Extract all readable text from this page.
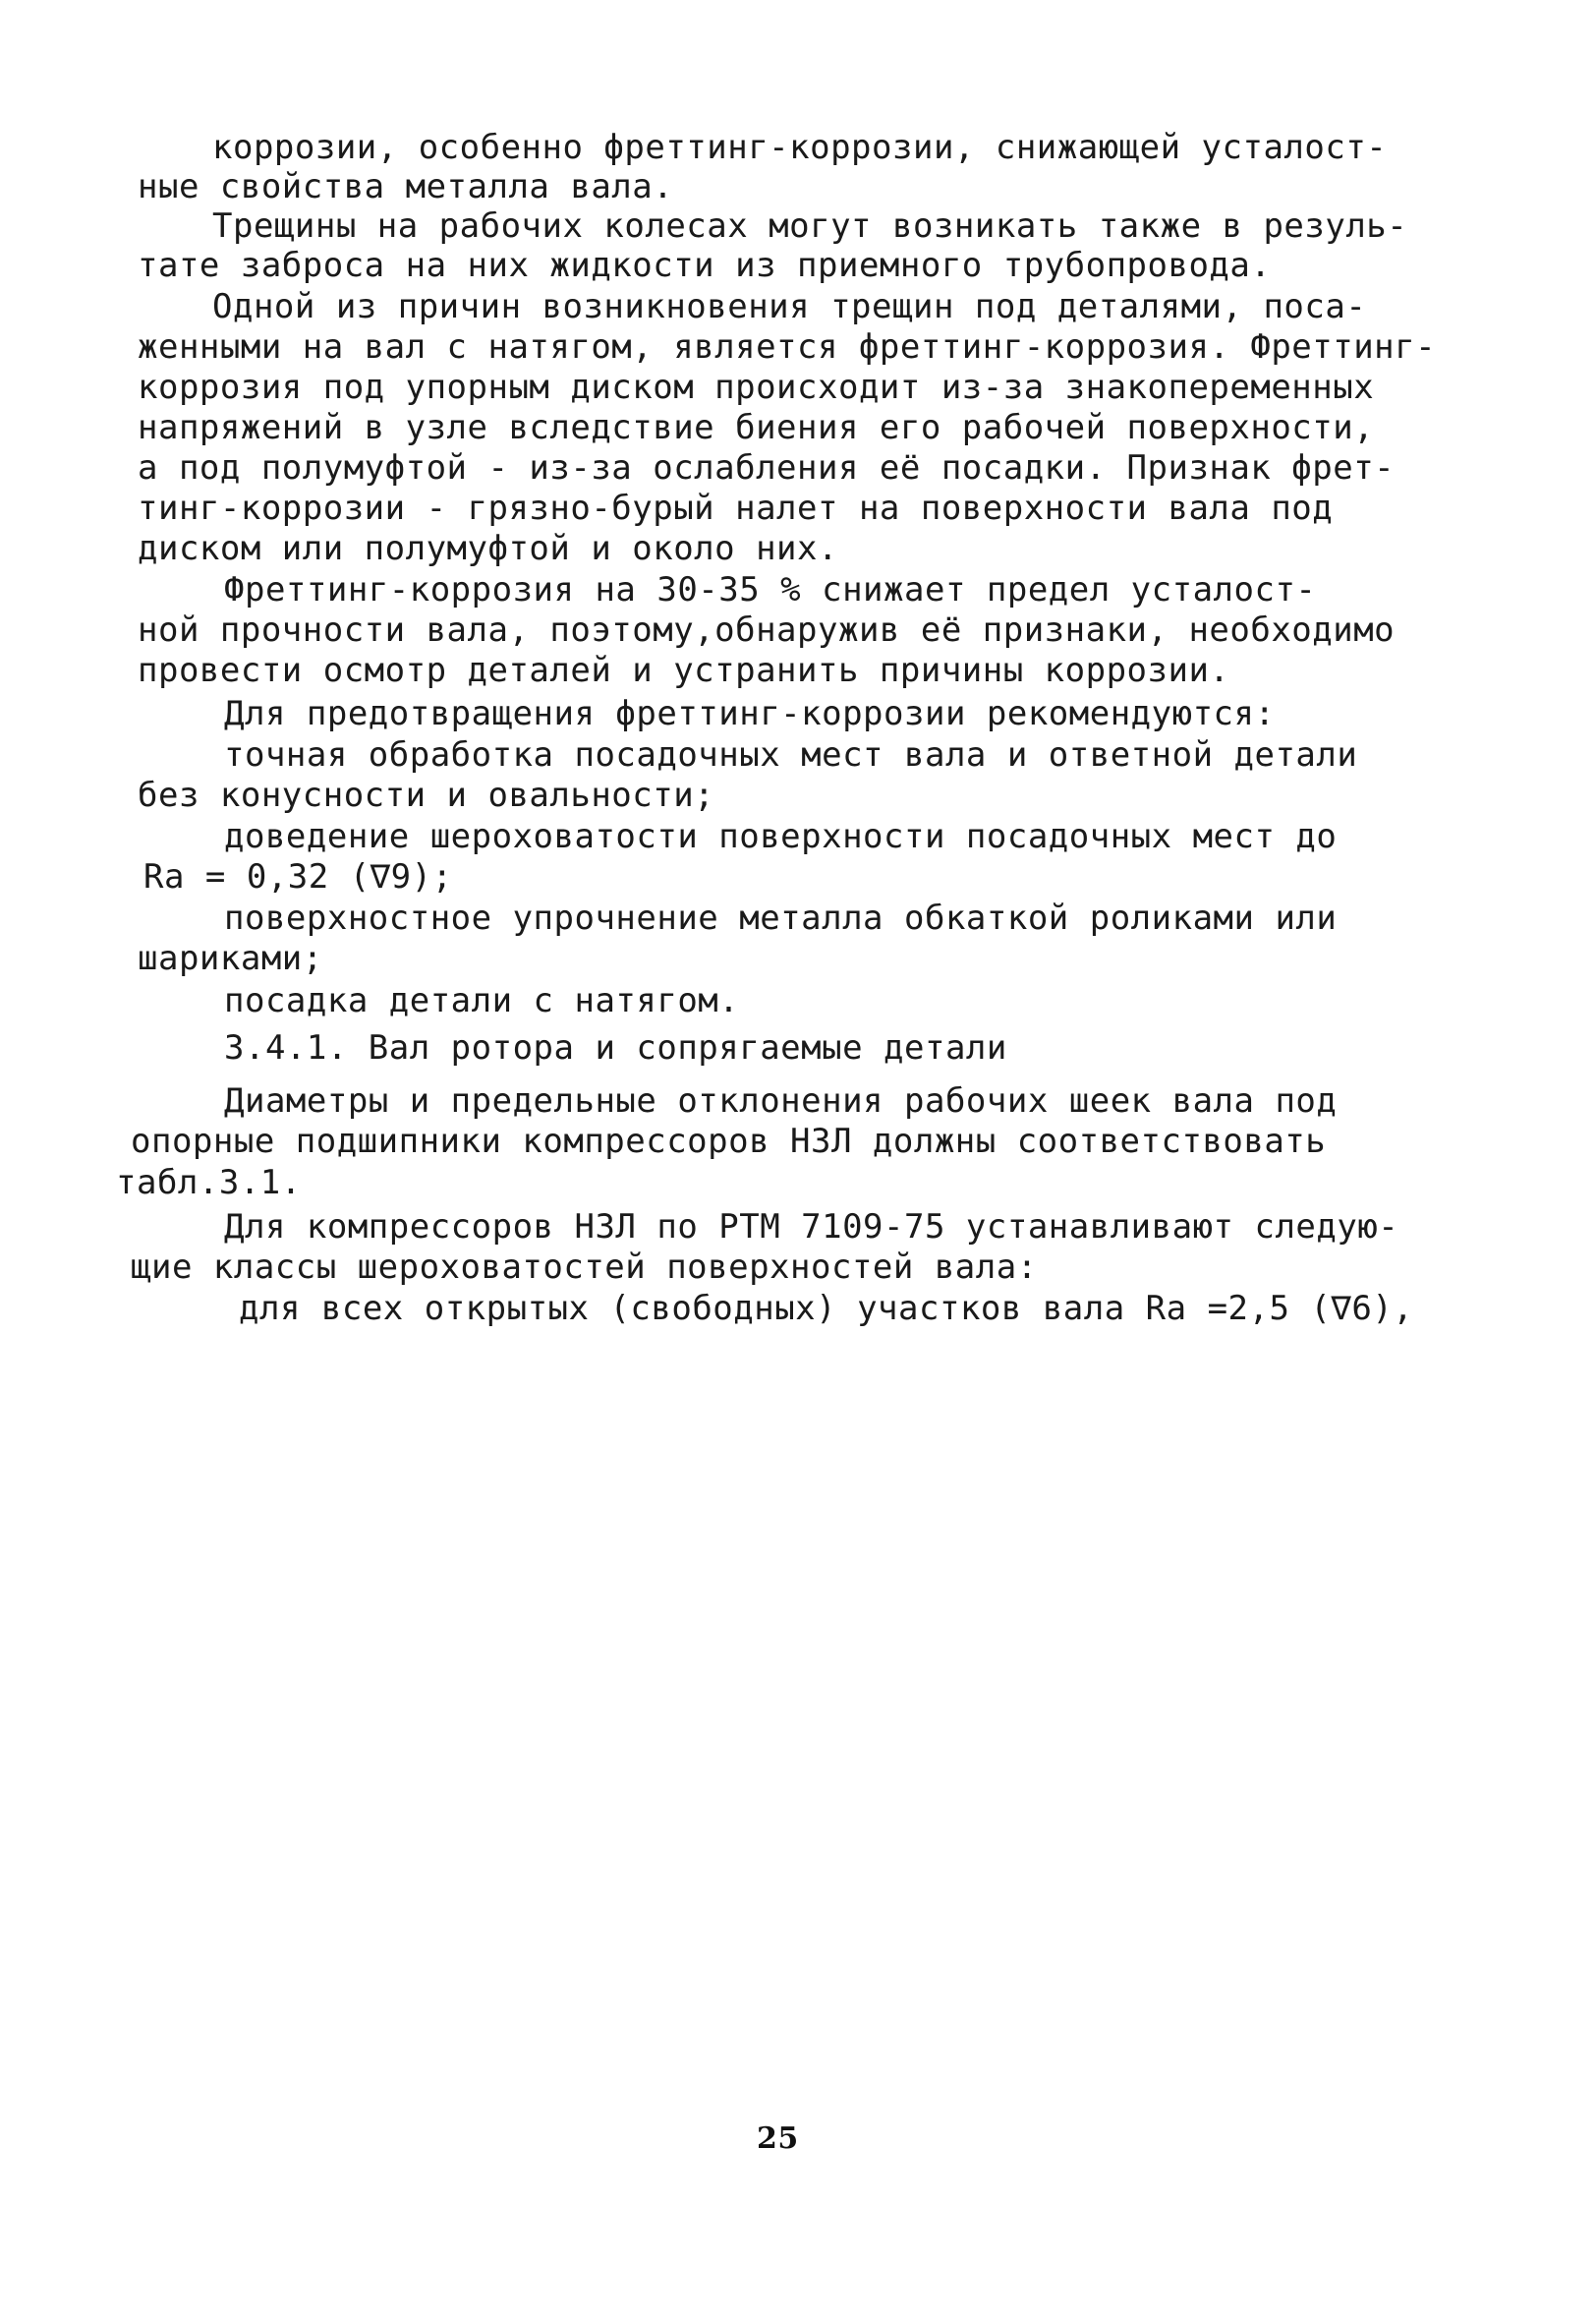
коррозии, особенно фреттинг-коррозии, снижающей усталост-
ные свойства металла вала.
Трещины на рабочих колесах могут возникать также в резуль-
тате заброса на них жидкости из приемного трубопровода.
Одной из причин возникновения трещин под деталями, поса-
женными на вал с натягом, является фреттинг-коррозия. Фреттинг-
коррозия под упорным диском происходит из-за знакопеременных
напряжений в узле вследствие биения его рабочей поверхности,
а под полумуфтой - из-за ослабления её посадки. Признак фрет-
тинг-коррозии - грязно-бурый налет на поверхности вала под
диском или полумуфтой и около них.
Фреттинг-коррозия на 30-35 % снижает предел усталост-
ной прочности вала, поэтому,обнаружив её признаки, необходимо
провести осмотр деталей и устранить причины коррозии.
Для предотвращения фреттинг-коррозии рекомендуются:
точная обработка посадочных мест вала и ответной детали
без конусности и овальности;
доведение шероховатости поверхности посадочных мест до
Ra = 0,32 (∇9);
поверхностное упрочнение металла обкаткой роликами или
шариками;
посадка детали с натягом.
3.4.1. Вал ротора и сопрягаемые детали
Диаметры и предельные отклонения рабочих шеек вала под
опорные подшипники компрессоров НЗЛ должны соответствовать
табл.3.1.
Для компрессоров НЗЛ по РТМ 7109-75 устанавливают следую-
щие классы шероховатостей поверхностей вала:
для всех открытых (свободных) участков вала Ra =2,5 (∇6),
25
